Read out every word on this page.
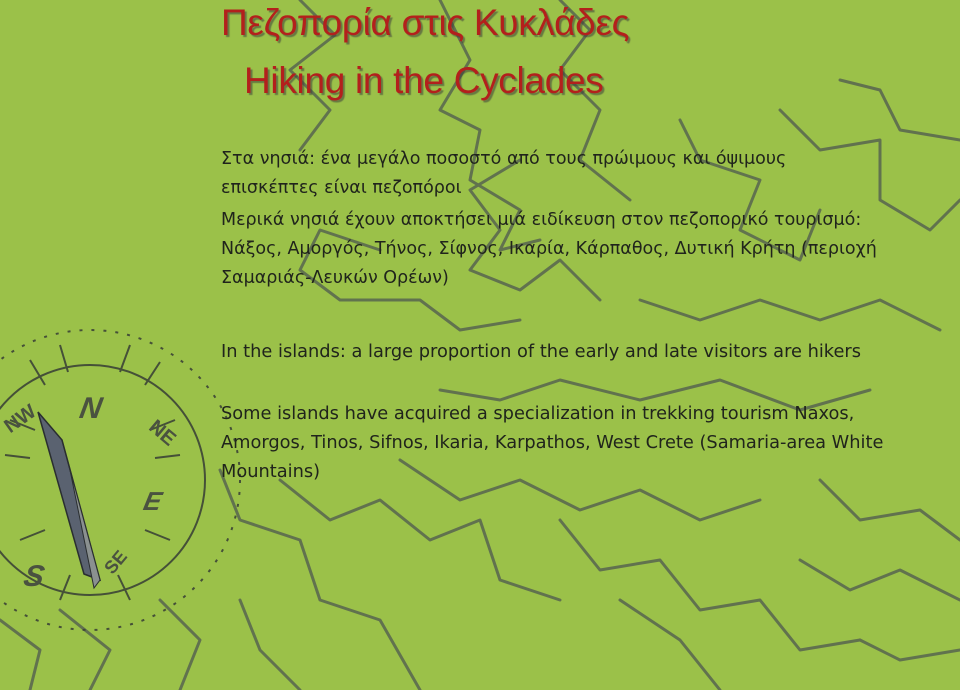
N
NE
NW
S	SE
E
Πεζοπορία στις Κυκλάδες
Hiking in the Cyclades

Στα νησιά: ένα μεγάλο ποσοστό από τους πρώιμους και όψιμους επισκέπτες είναι πεζοπόροι

Μερικά νησιά έχουν αποκτήσει μιά ειδίκευση στον πεζοπορικό τουρισμό: Νάξος, Αμοργός, Τήνος, Σίφνος, Ικαρία, Κάρπαθος, Δυτική Κρήτη (περιοχή Σαμαριάς-Λευκών Ορέων)

In the islands: a large proportion of the early and late visitors are hikers

Some islands have acquired a specialization in trekking tourism Naxos, Amorgos, Tinos, Sifnos, Ikaria, Karpathos, West Crete (Samaria-area White Mountains)
